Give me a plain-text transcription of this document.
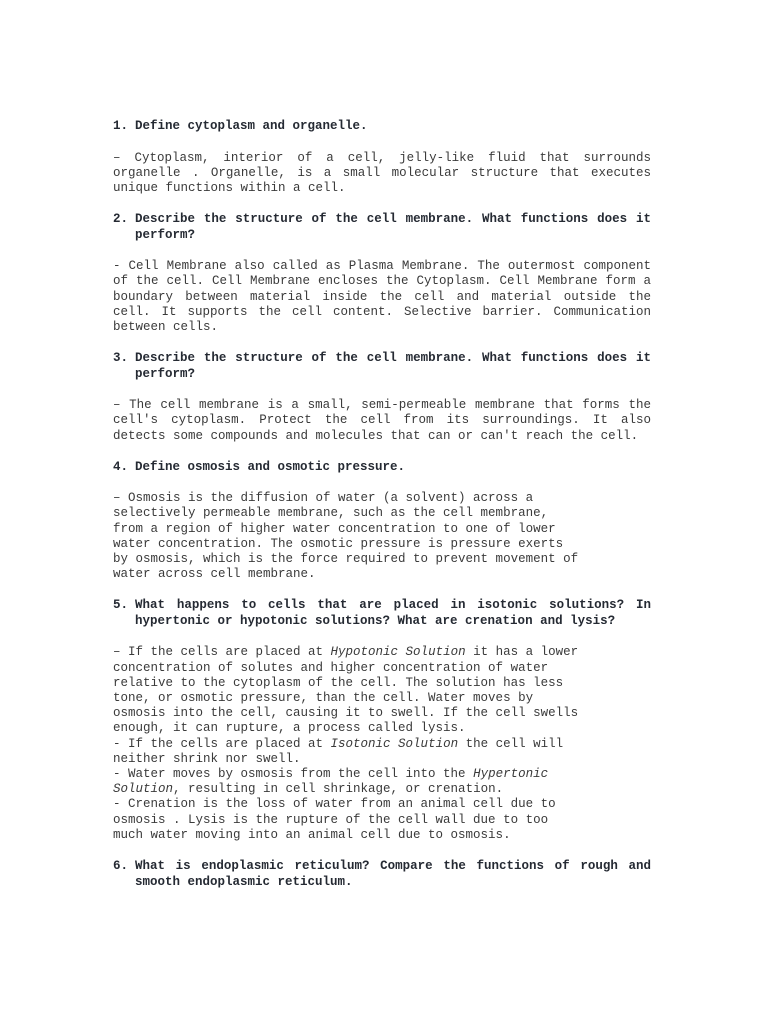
1. Define cytoplasm and organelle.
– Cytoplasm, interior of a cell, jelly-like fluid that surrounds organelle . Organelle, is a small molecular structure that executes unique functions within a cell.
2. Describe the structure of the cell membrane. What functions does it perform?
- Cell Membrane also called as Plasma Membrane. The outermost component of the cell. Cell Membrane encloses the Cytoplasm. Cell Membrane form a boundary between material inside the cell and material outside the cell. It supports the cell content. Selective barrier. Communication between cells.
3. Describe the structure of the cell membrane. What functions does it perform?
– The cell membrane is a small, semi-permeable membrane that forms the cell's cytoplasm. Protect the cell from its surroundings. It also detects some compounds and molecules that can or can't reach the cell.
4. Define osmosis and osmotic pressure.
– Osmosis is the diffusion of water (a solvent) across a
selectively permeable membrane, such as the cell membrane,
from a region of higher water concentration to one of lower
water concentration. The osmotic pressure is pressure exerts
by osmosis, which is the force required to prevent movement of
water across cell membrane.
5. What happens to cells that are placed in isotonic solutions? In hypertonic or hypotonic solutions? What are crenation and lysis?
– If the cells are placed at Hypotonic Solution it has a lower
concentration of solutes and higher concentration of water
relative to the cytoplasm of the cell. The solution has less
tone, or osmotic pressure, than the cell. Water moves by
osmosis into the cell, causing it to swell. If the cell swells
enough, it can rupture, a process called lysis.
- If the cells are placed at Isotonic Solution the cell will
neither shrink nor swell.
- Water moves by osmosis from the cell into the Hypertonic
Solution, resulting in cell shrinkage, or crenation.
- Crenation is the loss of water from an animal cell due to
osmosis . Lysis is the rupture of the cell wall due to too
much water moving into an animal cell due to osmosis.
6. What is endoplasmic reticulum? Compare the functions of rough and smooth endoplasmic reticulum.
